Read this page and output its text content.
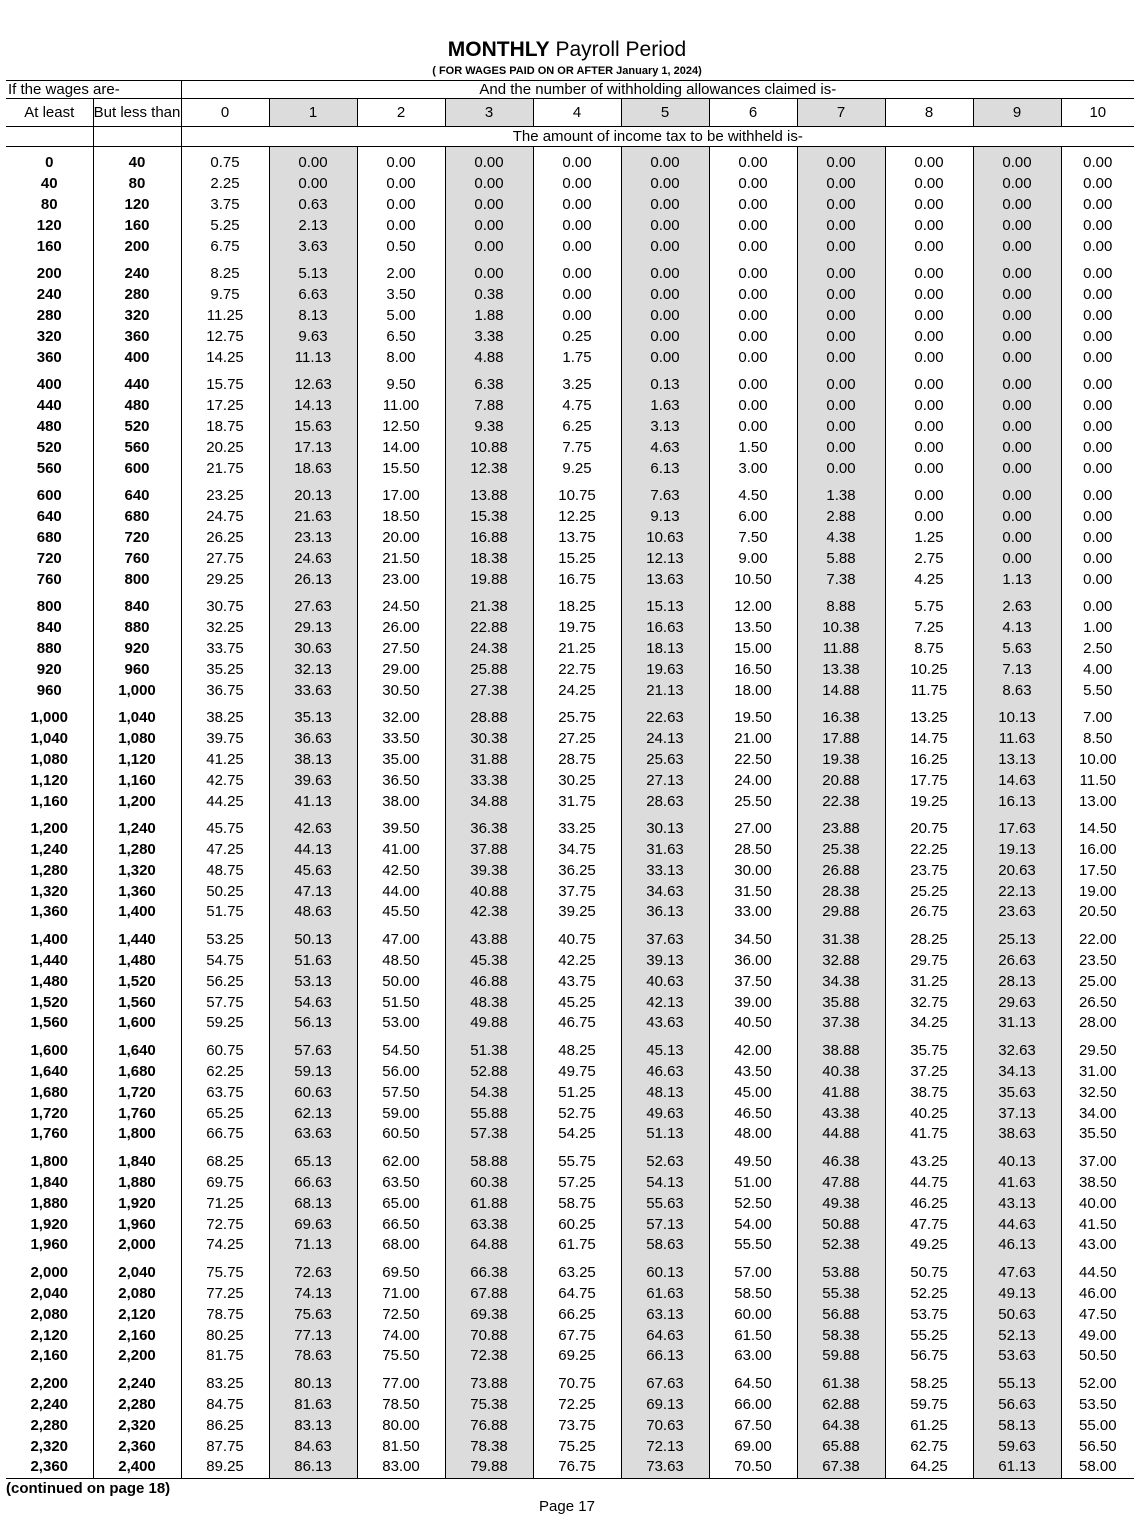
MONTHLY Payroll Period
( FOR WAGES PAID ON OR AFTER January 1, 2024)
If the wages are-		And the number of withholding allowances claimed is-										
At least	But less than	0	1	2	3	4	5	6	7	8	9	10
		The amount of income tax to be withheld is-										

0	40	0.75	0.00	0.00	0.00	0.00	0.00	0.00	0.00	0.00	0.00	0.00
40	80	2.25	0.00	0.00	0.00	0.00	0.00	0.00	0.00	0.00	0.00	0.00
80	120	3.75	0.63	0.00	0.00	0.00	0.00	0.00	0.00	0.00	0.00	0.00
120	160	5.25	2.13	0.00	0.00	0.00	0.00	0.00	0.00	0.00	0.00	0.00
160	200	6.75	3.63	0.50	0.00	0.00	0.00	0.00	0.00	0.00	0.00	0.00

200	240	8.25	5.13	2.00	0.00	0.00	0.00	0.00	0.00	0.00	0.00	0.00
240	280	9.75	6.63	3.50	0.38	0.00	0.00	0.00	0.00	0.00	0.00	0.00
280	320	11.25	8.13	5.00	1.88	0.00	0.00	0.00	0.00	0.00	0.00	0.00
320	360	12.75	9.63	6.50	3.38	0.25	0.00	0.00	0.00	0.00	0.00	0.00
360	400	14.25	11.13	8.00	4.88	1.75	0.00	0.00	0.00	0.00	0.00	0.00

400	440	15.75	12.63	9.50	6.38	3.25	0.13	0.00	0.00	0.00	0.00	0.00
440	480	17.25	14.13	11.00	7.88	4.75	1.63	0.00	0.00	0.00	0.00	0.00
480	520	18.75	15.63	12.50	9.38	6.25	3.13	0.00	0.00	0.00	0.00	0.00
520	560	20.25	17.13	14.00	10.88	7.75	4.63	1.50	0.00	0.00	0.00	0.00
560	600	21.75	18.63	15.50	12.38	9.25	6.13	3.00	0.00	0.00	0.00	0.00

600	640	23.25	20.13	17.00	13.88	10.75	7.63	4.50	1.38	0.00	0.00	0.00
640	680	24.75	21.63	18.50	15.38	12.25	9.13	6.00	2.88	0.00	0.00	0.00
680	720	26.25	23.13	20.00	16.88	13.75	10.63	7.50	4.38	1.25	0.00	0.00
720	760	27.75	24.63	21.50	18.38	15.25	12.13	9.00	5.88	2.75	0.00	0.00
760	800	29.25	26.13	23.00	19.88	16.75	13.63	10.50	7.38	4.25	1.13	0.00

800	840	30.75	27.63	24.50	21.38	18.25	15.13	12.00	8.88	5.75	2.63	0.00
840	880	32.25	29.13	26.00	22.88	19.75	16.63	13.50	10.38	7.25	4.13	1.00
880	920	33.75	30.63	27.50	24.38	21.25	18.13	15.00	11.88	8.75	5.63	2.50
920	960	35.25	32.13	29.00	25.88	22.75	19.63	16.50	13.38	10.25	7.13	4.00
960	1,000	36.75	33.63	30.50	27.38	24.25	21.13	18.00	14.88	11.75	8.63	5.50

1,000	1,040	38.25	35.13	32.00	28.88	25.75	22.63	19.50	16.38	13.25	10.13	7.00
1,040	1,080	39.75	36.63	33.50	30.38	27.25	24.13	21.00	17.88	14.75	11.63	8.50
1,080	1,120	41.25	38.13	35.00	31.88	28.75	25.63	22.50	19.38	16.25	13.13	10.00
1,120	1,160	42.75	39.63	36.50	33.38	30.25	27.13	24.00	20.88	17.75	14.63	11.50
1,160	1,200	44.25	41.13	38.00	34.88	31.75	28.63	25.50	22.38	19.25	16.13	13.00

1,200	1,240	45.75	42.63	39.50	36.38	33.25	30.13	27.00	23.88	20.75	17.63	14.50
1,240	1,280	47.25	44.13	41.00	37.88	34.75	31.63	28.50	25.38	22.25	19.13	16.00
1,280	1,320	48.75	45.63	42.50	39.38	36.25	33.13	30.00	26.88	23.75	20.63	17.50
1,320	1,360	50.25	47.13	44.00	40.88	37.75	34.63	31.50	28.38	25.25	22.13	19.00
1,360	1,400	51.75	48.63	45.50	42.38	39.25	36.13	33.00	29.88	26.75	23.63	20.50

1,400	1,440	53.25	50.13	47.00	43.88	40.75	37.63	34.50	31.38	28.25	25.13	22.00
1,440	1,480	54.75	51.63	48.50	45.38	42.25	39.13	36.00	32.88	29.75	26.63	23.50
1,480	1,520	56.25	53.13	50.00	46.88	43.75	40.63	37.50	34.38	31.25	28.13	25.00
1,520	1,560	57.75	54.63	51.50	48.38	45.25	42.13	39.00	35.88	32.75	29.63	26.50
1,560	1,600	59.25	56.13	53.00	49.88	46.75	43.63	40.50	37.38	34.25	31.13	28.00

1,600	1,640	60.75	57.63	54.50	51.38	48.25	45.13	42.00	38.88	35.75	32.63	29.50
1,640	1,680	62.25	59.13	56.00	52.88	49.75	46.63	43.50	40.38	37.25	34.13	31.00
1,680	1,720	63.75	60.63	57.50	54.38	51.25	48.13	45.00	41.88	38.75	35.63	32.50
1,720	1,760	65.25	62.13	59.00	55.88	52.75	49.63	46.50	43.38	40.25	37.13	34.00
1,760	1,800	66.75	63.63	60.50	57.38	54.25	51.13	48.00	44.88	41.75	38.63	35.50

1,800	1,840	68.25	65.13	62.00	58.88	55.75	52.63	49.50	46.38	43.25	40.13	37.00
1,840	1,880	69.75	66.63	63.50	60.38	57.25	54.13	51.00	47.88	44.75	41.63	38.50
1,880	1,920	71.25	68.13	65.00	61.88	58.75	55.63	52.50	49.38	46.25	43.13	40.00
1,920	1,960	72.75	69.63	66.50	63.38	60.25	57.13	54.00	50.88	47.75	44.63	41.50
1,960	2,000	74.25	71.13	68.00	64.88	61.75	58.63	55.50	52.38	49.25	46.13	43.00

2,000	2,040	75.75	72.63	69.50	66.38	63.25	60.13	57.00	53.88	50.75	47.63	44.50
2,040	2,080	77.25	74.13	71.00	67.88	64.75	61.63	58.50	55.38	52.25	49.13	46.00
2,080	2,120	78.75	75.63	72.50	69.38	66.25	63.13	60.00	56.88	53.75	50.63	47.50
2,120	2,160	80.25	77.13	74.00	70.88	67.75	64.63	61.50	58.38	55.25	52.13	49.00
2,160	2,200	81.75	78.63	75.50	72.38	69.25	66.13	63.00	59.88	56.75	53.63	50.50

2,200	2,240	83.25	80.13	77.00	73.88	70.75	67.63	64.50	61.38	58.25	55.13	52.00
2,240	2,280	84.75	81.63	78.50	75.38	72.25	69.13	66.00	62.88	59.75	56.63	53.50
2,280	2,320	86.25	83.13	80.00	76.88	73.75	70.63	67.50	64.38	61.25	58.13	55.00
2,320	2,360	87.75	84.63	81.50	78.38	75.25	72.13	69.00	65.88	62.75	59.63	56.50
2,360	2,400	89.25	86.13	83.00	79.88	76.75	73.63	70.50	67.38	64.25	61.13	58.00
(continued on page 18)												
Page 17
